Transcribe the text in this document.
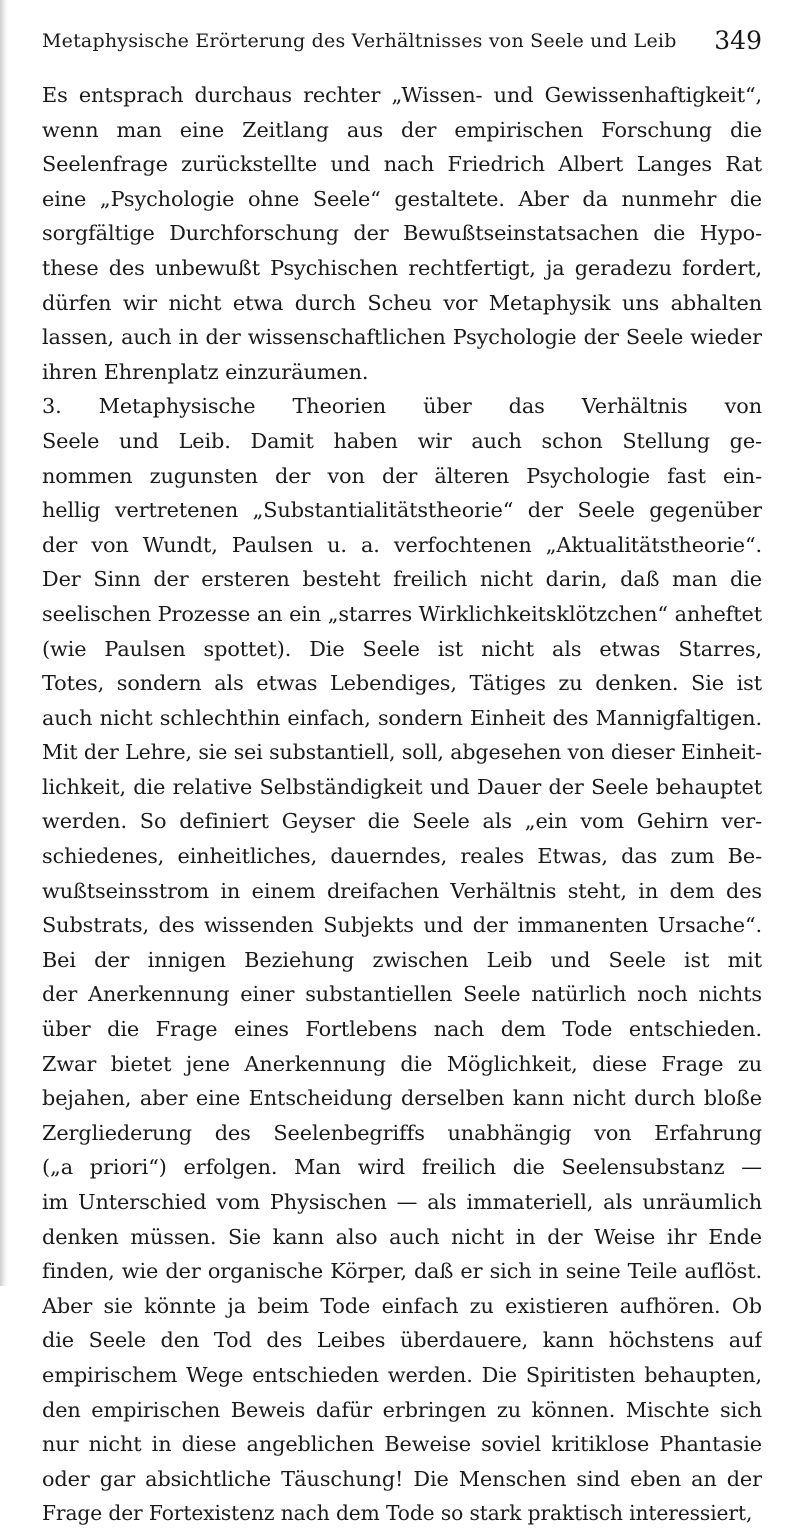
Metaphysische Erörterung des Verhältnisses von Seele und Leib 349
Es entsprach durchaus rechter „Wissen- und Gewissenhaftigkeit“,
wenn man eine Zeitlang aus der empirischen Forschung die
Seelenfrage zurückstellte und nach Friedrich Albert Langes Rat
eine „Psychologie ohne Seele“ gestaltete. Aber da nunmehr die
sorgfältige Durchforschung der Bewußtseinstatsachen die Hypo-
these des unbewußt Psychischen rechtfertigt, ja geradezu fordert,
dürfen wir nicht etwa durch Scheu vor Metaphysik uns abhalten
lassen, auch in der wissenschaftlichen Psychologie der Seele wieder
ihren Ehrenplatz einzuräumen.
3. Metaphysische Theorien über das Verhältnis von
Seele und Leib. Damit haben wir auch schon Stellung ge-
nommen zugunsten der von der älteren Psychologie fast ein-
hellig vertretenen „Substantialitätstheorie“ der Seele gegenüber
der von Wundt, Paulsen u. a. verfochtenen „Aktualitätstheorie“.
Der Sinn der ersteren besteht freilich nicht darin, daß man die
seelischen Prozesse an ein „starres Wirklichkeitsklötzchen“ anheftet
(wie Paulsen spottet). Die Seele ist nicht als etwas Starres,
Totes, sondern als etwas Lebendiges, Tätiges zu denken. Sie ist
auch nicht schlechthin einfach, sondern Einheit des Mannigfaltigen.
Mit der Lehre, sie sei substantiell, soll, abgesehen von dieser Einheit-
lichkeit, die relative Selbständigkeit und Dauer der Seele behauptet
werden. So definiert Geyser die Seele als „ein vom Gehirn ver-
schiedenes, einheitliches, dauerndes, reales Etwas, das zum Be-
wußtseinsstrom in einem dreifachen Verhältnis steht, in dem des
Substrats, des wissenden Subjekts und der immanenten Ursache“.
Bei der innigen Beziehung zwischen Leib und Seele ist mit
der Anerkennung einer substantiellen Seele natürlich noch nichts
über die Frage eines Fortlebens nach dem Tode entschieden.
Zwar bietet jene Anerkennung die Möglichkeit, diese Frage zu
bejahen, aber eine Entscheidung derselben kann nicht durch bloße
Zergliederung des Seelenbegriffs unabhängig von Erfahrung
(„a priori“) erfolgen. Man wird freilich die Seelensubstanz —
im Unterschied vom Physischen — als immateriell, als unräumlich
denken müssen. Sie kann also auch nicht in der Weise ihr Ende
finden, wie der organische Körper, daß er sich in seine Teile auflöst.
Aber sie könnte ja beim Tode einfach zu existieren aufhören. Ob
die Seele den Tod des Leibes überdauere, kann höchstens auf
empirischem Wege entschieden werden. Die Spiritisten behaupten,
den empirischen Beweis dafür erbringen zu können. Mischte sich
nur nicht in diese angeblichen Beweise soviel kritiklose Phantasie
oder gar absichtliche Täuschung! Die Menschen sind eben an der
Frage der Fortexistenz nach dem Tode so stark praktisch interessiert,
